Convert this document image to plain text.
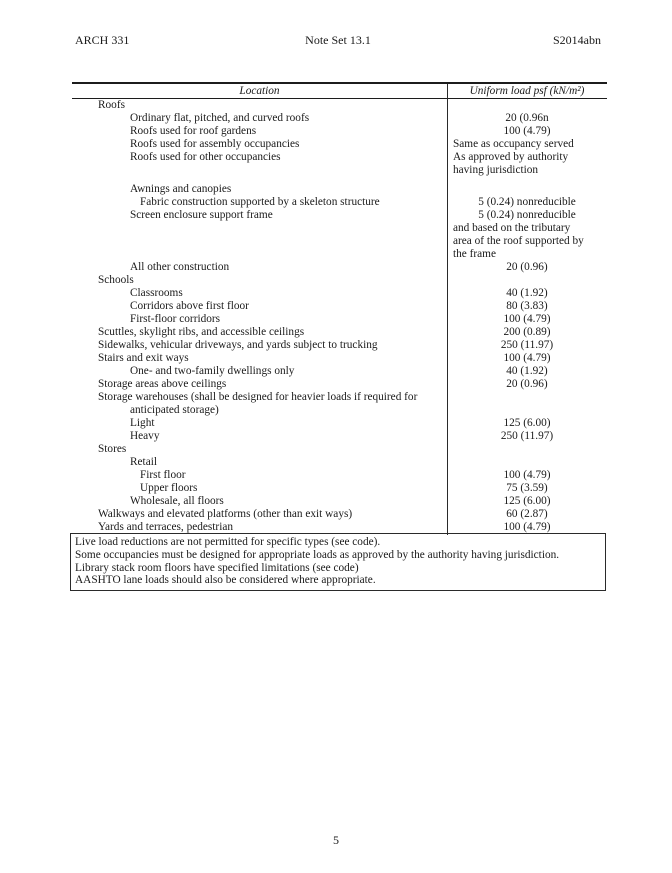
ARCH 331	Note Set 13.1	S2014abn
Location	Uniform load psf (kN/m²)
Roofs
Ordinary flat, pitched, and curved roofs	20 (0.96n
Roofs used for roof gardens	100 (4.79)
Roofs used for assembly occupancies	Same as occupancy served
Roofs used for other occupancies	As approved by authority
having jurisdiction
Awnings and canopies
Fabric construction supported by a skeleton structure	5 (0.24) nonreducible
Screen enclosure support frame	5 (0.24) nonreducible
and based on the tributary
area of the roof supported by
the frame
All other construction	20 (0.96)
Schools
Classrooms	40 (1.92)
Corridors above first floor	80 (3.83)
First-floor corridors	100 (4.79)
Scuttles, skylight ribs, and accessible ceilings	200 (0.89)
Sidewalks, vehicular driveways, and yards subject to trucking	250 (11.97)
Stairs and exit ways	100 (4.79)
One- and two-family dwellings only	40 (1.92)
Storage areas above ceilings	20 (0.96)
Storage warehouses (shall be designed for heavier loads if required for
anticipated storage)
Light	125 (6.00)
Heavy	250 (11.97)
Stores
Retail
First floor	100 (4.79)
Upper floors	75 (3.59)
Wholesale, all floors	125 (6.00)
Walkways and elevated platforms (other than exit ways)	60 (2.87)
Yards and terraces, pedestrian	100 (4.79)
Live load reductions are not permitted for specific types (see code).
Some occupancies must be designed for appropriate loads as approved by the authority having jurisdiction.
Library stack room floors have specified limitations (see code)
AASHTO lane loads should also be considered where appropriate.
5
